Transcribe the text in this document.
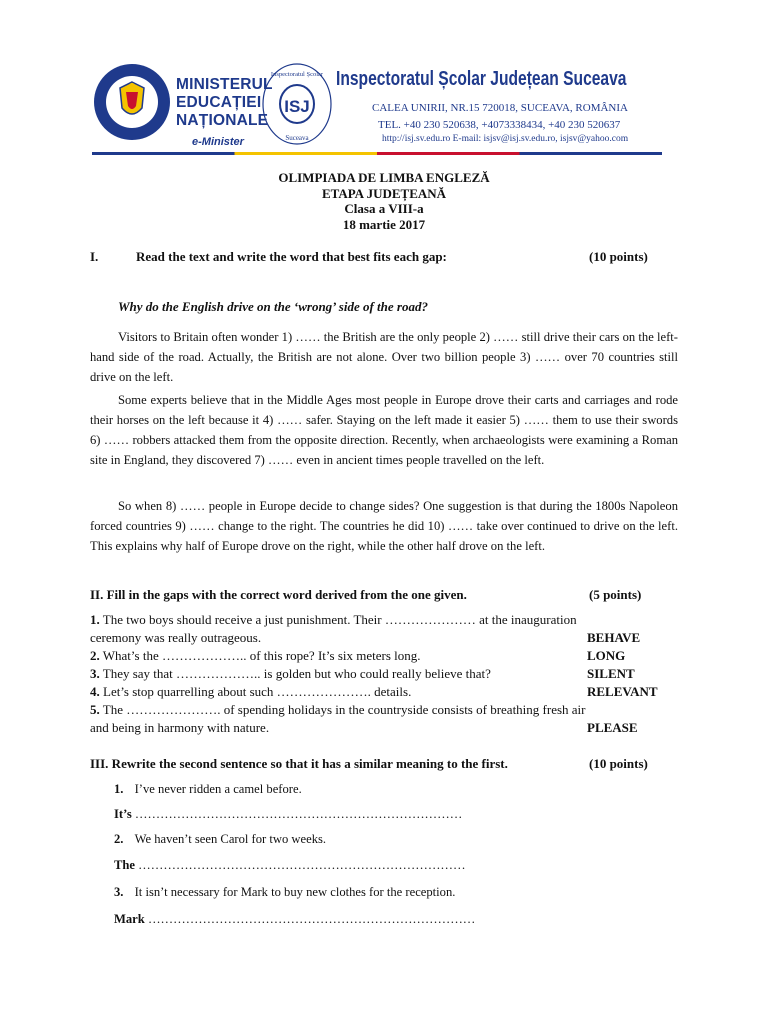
MINISTERUL
EDUCAȚIEI
NAȚIONALE
e-Minister
ISJ
Inspectoratul Școlar
Suceava
Inspectoratul Școlar Județean Suceava
CALEA UNIRII, NR.15 720018, SUCEAVA, ROMÂNIA
TEL. +40 230 520638, +4073338434, +40 230 520637
http://isj.sv.edu.ro E-mail: isjsv@isj.sv.edu.ro, isjsv@yahoo.com
OLIMPIADA DE LIMBA ENGLEZĂ
ETAPA JUDEȚEANĂ
Clasa a VIII-a
18 martie 2017
I.	Read the text and write the word that best fits each gap:	(10 points)
Why do the English drive on the ‘wrong’ side of the road?
Visitors to Britain often wonder 1) …… the British are the only people 2) …… still drive their cars on the left-hand side of the road. Actually, the British are not alone. Over two billion people 3) …… over 70 countries still drive on the left.
Some experts believe that in the Middle Ages most people in Europe drove their carts and carriages and rode their horses on the left because it 4) …… safer. Staying on the left made it easier 5) …… them to use their swords 6) …… robbers attacked them from the opposite direction. Recently, when archaeologists were examining a Roman site in England, they discovered 7) …… even in ancient times people travelled on the left.
So when 8) …… people in Europe decide to change sides? One suggestion is that during the 1800s Napoleon forced countries 9) …… change to the right. The countries he did 10) …… take over continued to drive on the left. This explains why half of Europe drove on the right, while the other half drove on the left.
II. Fill in the gaps with the correct word derived from the one given.	(5 points)
1. The two boys should receive a just punishment. Their ………………… at the inauguration
ceremony was really outrageous.	BEHAVE
2. What’s the ……………….. of this rope? It’s six meters long.	LONG
3. They say that ……………….. is golden but who could really believe that?	SILENT
4. Let’s stop quarrelling about such …………………. details.	RELEVANT
5. The …………………. of spending holidays in the countryside consists of breathing fresh air
and being in harmony with nature.	PLEASE
III. Rewrite the second sentence so that it has a similar meaning to the first.	(10 points)
1. I’ve never ridden a camel before.
It’s ……………………………………………………………………
2. We haven’t seen Carol for two weeks.
The ……………………………………………………………………
3. It isn’t necessary for Mark to buy new clothes for the reception.
Mark ……………………………………………………………………
